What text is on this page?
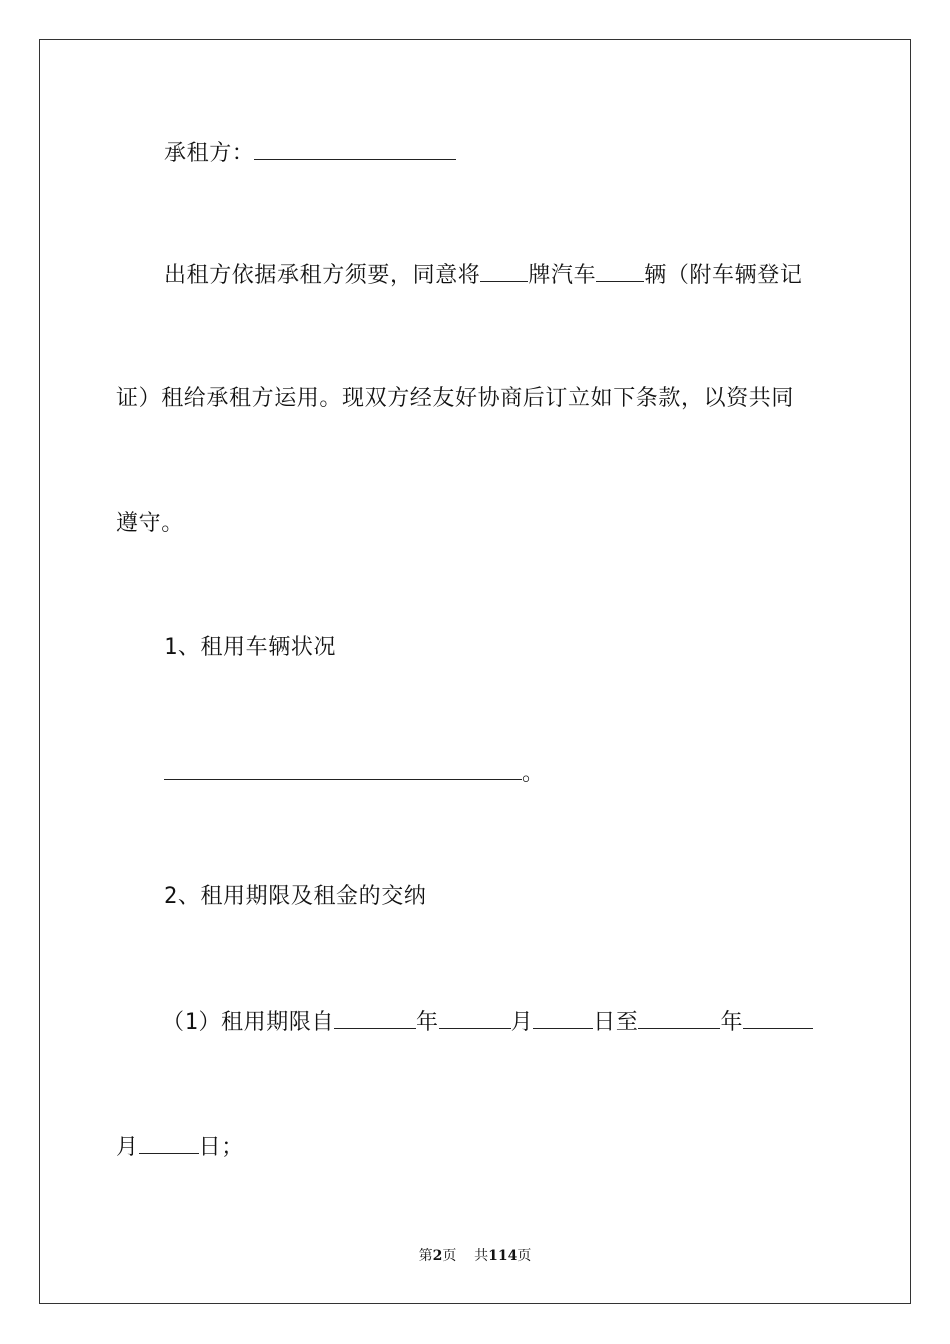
承租方：
出租方依据承租方须要，同意将 牌汽车 辆（附车辆登记
证）租给承租方运用。现双方经友好协商后订立如下条款，以资共同
遵守。
1、租用车辆状况
。
2、租用期限及租金的交纳
（1）租用期限自	年	月	日至	年
月	日；
第2页 共114页
